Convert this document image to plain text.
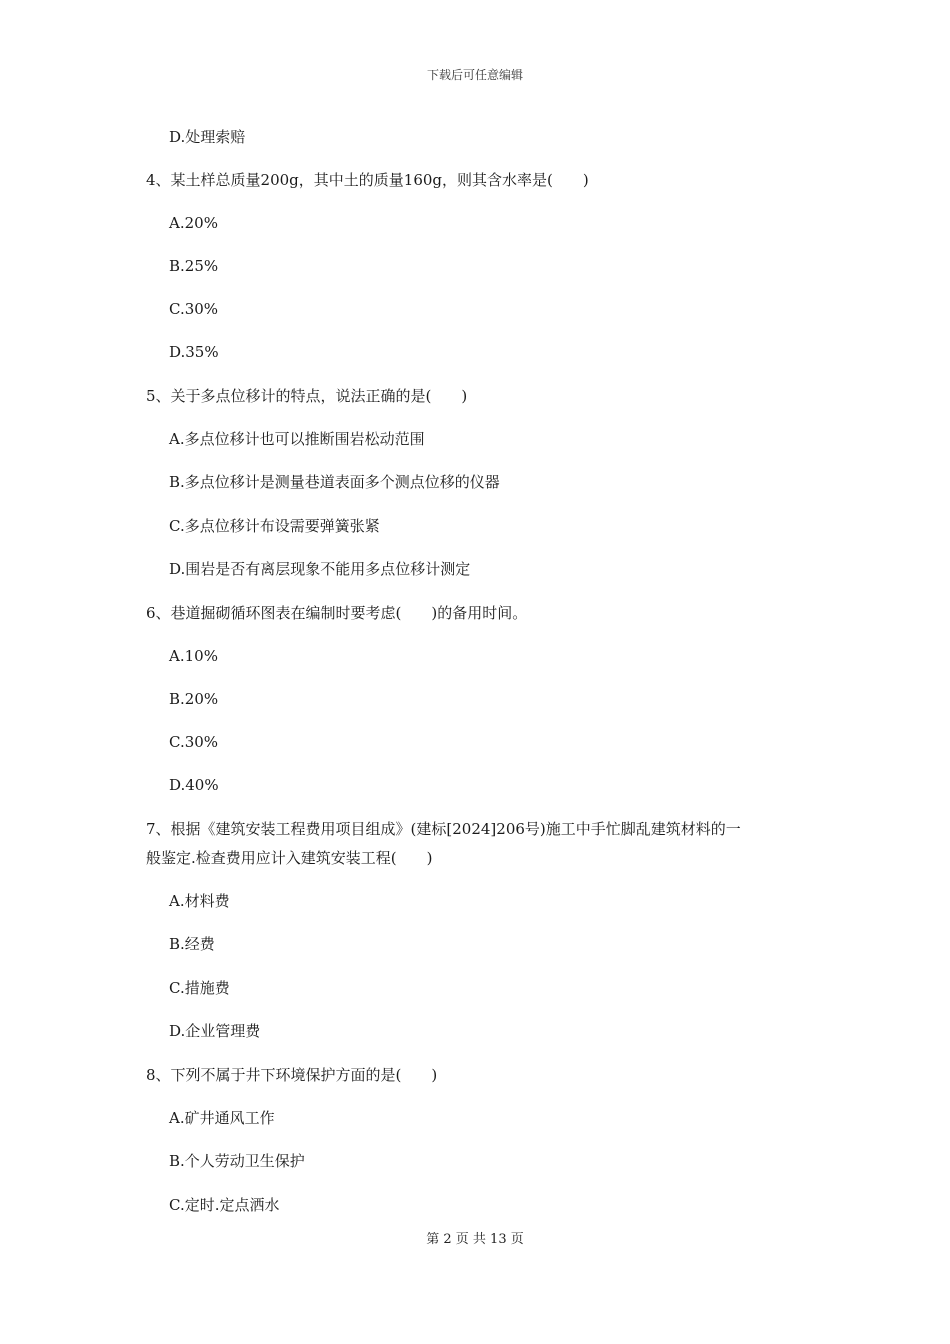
下载后可任意编辑
D.处理索赔
4、某土样总质量200g，其中土的质量160g，则其含水率是(　　)
A.20%
B.25%
C.30%
D.35%
5、关于多点位移计的特点，说法正确的是(　　)
A.多点位移计也可以推断围岩松动范围
B.多点位移计是测量巷道表面多个测点位移的仪器
C.多点位移计布设需要弹簧张紧
D.围岩是否有离层现象不能用多点位移计测定
6、巷道掘砌循环图表在编制时要考虑(　　)的备用时间。
A.10%
B.20%
C.30%
D.40%
7、根据《建筑安装工程费用项目组成》(建标[2024]206号)施工中手忙脚乱建筑材料的一
般鉴定.检查费用应计入建筑安装工程(　　)
A.材料费
B.经费
C.措施费
D.企业管理费
8、下列不属于井下环境保护方面的是(　　)
A.矿井通风工作
B.个人劳动卫生保护
C.定时.定点洒水
第 2 页 共 13 页
